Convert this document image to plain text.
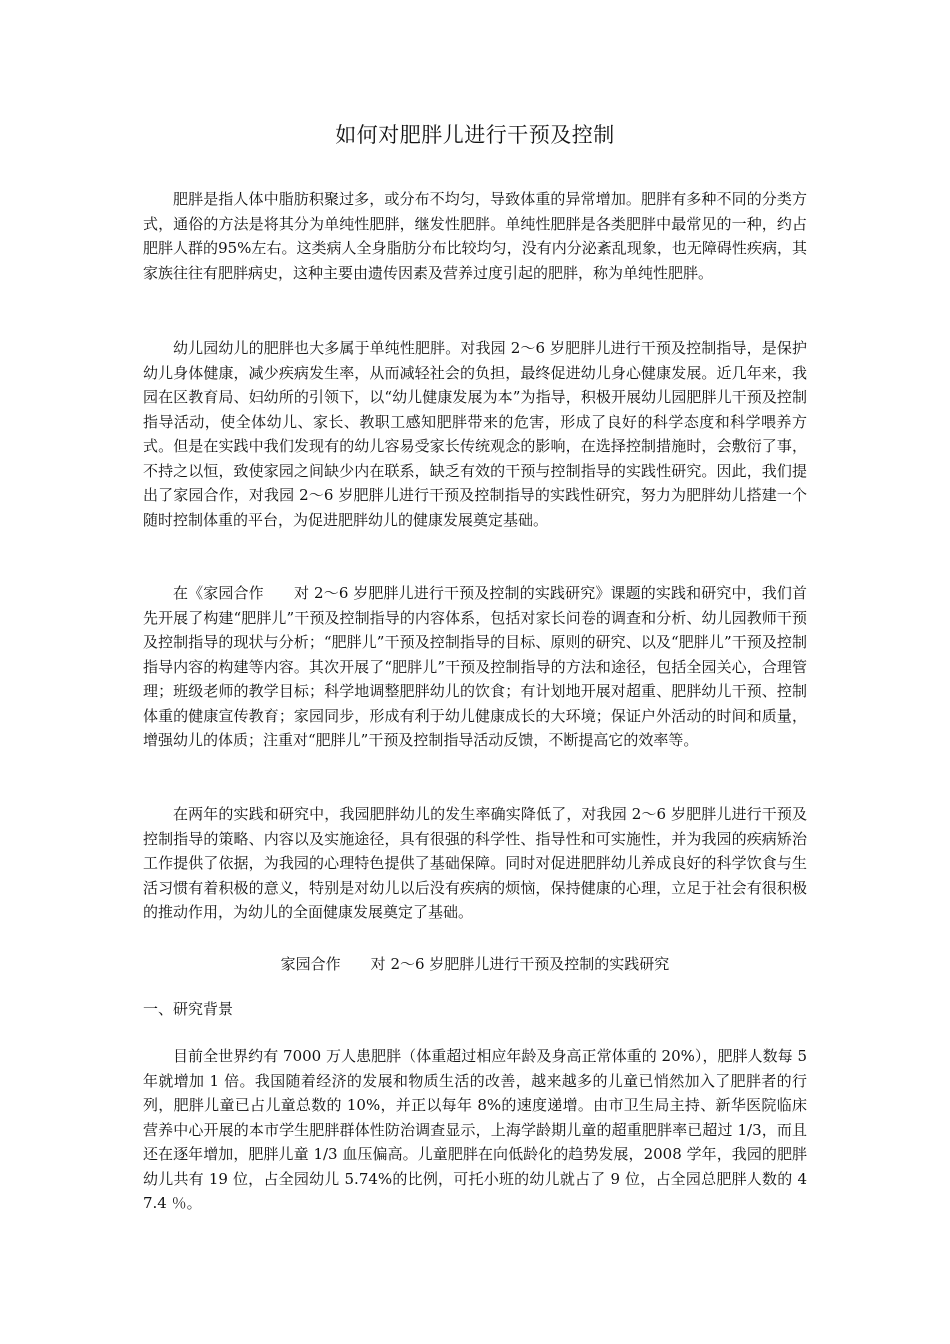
如何对肥胖儿进行干预及控制

肥胖是指人体中脂肪积聚过多，或分布不均匀，导致体重的异常增加。肥胖有多种不同的分类方式，通俗的方法是将其分为单纯性肥胖，继发性肥胖。单纯性肥胖是各类肥胖中最常见的一种，约占肥胖人群的95%左右。这类病人全身脂肪分布比较均匀，没有内分泌紊乱现象，也无障碍性疾病，其家族往往有肥胖病史，这种主要由遗传因素及营养过度引起的肥胖，称为单纯性肥胖。

幼儿园幼儿的肥胖也大多属于单纯性肥胖。对我园 2～6 岁肥胖儿进行干预及控制指导，是保护幼儿身体健康，减少疾病发生率，从而减轻社会的负担，最终促进幼儿身心健康发展。近几年来，我园在区教育局、妇幼所的引领下，以“幼儿健康发展为本”为指导，积极开展幼儿园肥胖儿干预及控制指导活动，使全体幼儿、家长、教职工感知肥胖带来的危害，形成了良好的科学态度和科学喂养方式。但是在实践中我们发现有的幼儿容易受家长传统观念的影响，在选择控制措施时，会敷衍了事，不持之以恒，致使家园之间缺少内在联系，缺乏有效的干预与控制指导的实践性研究。因此，我们提出了家园合作，对我园 2～6 岁肥胖儿进行干预及控制指导的实践性研究，努力为肥胖幼儿搭建一个随时控制体重的平台，为促进肥胖幼儿的健康发展奠定基础。

在《家园合作　　对 2～6 岁肥胖儿进行干预及控制的实践研究》课题的实践和研究中，我们首先开展了构建“肥胖儿”干预及控制指导的内容体系，包括对家长问卷的调查和分析、幼儿园教师干预及控制指导的现状与分析；“肥胖儿”干预及控制指导的目标、原则的研究、以及“肥胖儿”干预及控制指导内容的构建等内容。其次开展了“肥胖儿”干预及控制指导的方法和途径，包括全园关心，合理管理；班级老师的教学目标；科学地调整肥胖幼儿的饮食；有计划地开展对超重、肥胖幼儿干预、控制体重的健康宣传教育；家园同步，形成有利于幼儿健康成长的大环境；保证户外活动的时间和质量，增强幼儿的体质；注重对“肥胖儿”干预及控制指导活动反馈，不断提高它的效率等。

在两年的实践和研究中，我园肥胖幼儿的发生率确实降低了，对我园 2～6 岁肥胖儿进行干预及控制指导的策略、内容以及实施途径，具有很强的科学性、指导性和可实施性，并为我园的疾病矫治工作提供了依据，为我园的心理特色提供了基础保障。同时对促进肥胖幼儿养成良好的科学饮食与生活习惯有着积极的意义，特别是对幼儿以后没有疾病的烦恼，保持健康的心理，立足于社会有很积极的推动作用，为幼儿的全面健康发展奠定了基础。

家园合作　　对 2～6 岁肥胖儿进行干预及控制的实践研究
一、研究背景

目前全世界约有 7000 万人患肥胖（体重超过相应年龄及身高正常体重的 20%），肥胖人数每 5 年就增加 1 倍。我国随着经济的发展和物质生活的改善，越来越多的儿童已悄然加入了肥胖者的行列，肥胖儿童已占儿童总数的 10%，并正以每年 8%的速度递增。由市卫生局主持、新华医院临床营养中心开展的本市学生肥胖群体性防治调查显示，上海学龄期儿童的超重肥胖率已超过 1/3，而且还在逐年增加，肥胖儿童 1/3 血压偏高。儿童肥胖在向低龄化的趋势发展，2008 学年，我园的肥胖幼儿共有 19 位，占全园幼儿 5.74%的比例，可托小班的幼儿就占了 9 位，占全园总肥胖人数的 47.4 ％。
